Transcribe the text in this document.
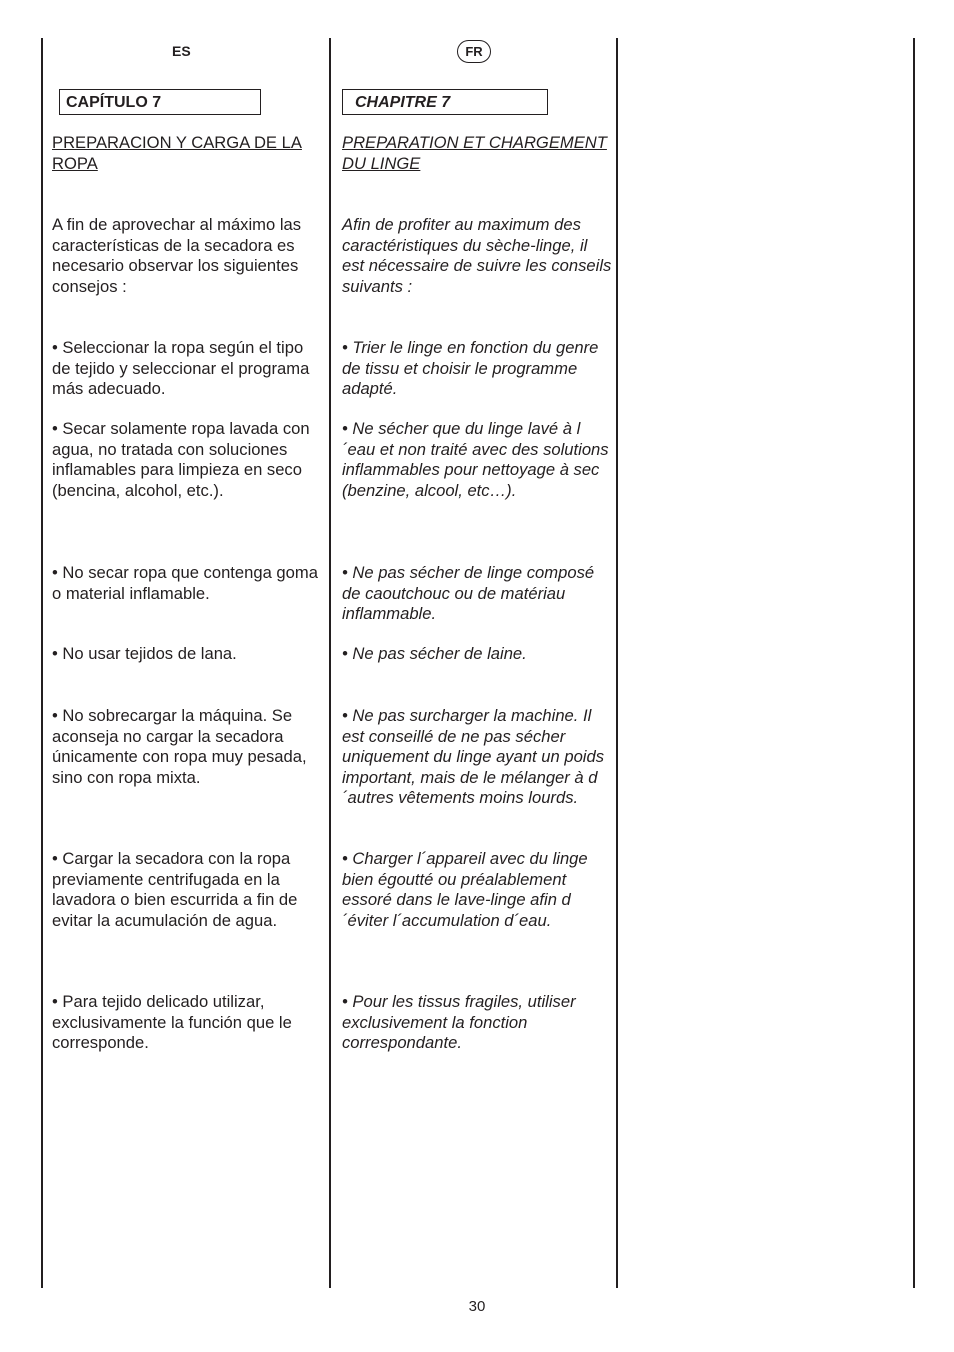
ES	FR
CAPÍTULO 7	CHAPITRE 7

PREPARACION Y CARGA DE LA ROPA

A fin de aprovechar al máximo las características de la secadora es necesario observar los siguientes consejos :

• Seleccionar la ropa según el tipo de tejido y seleccionar el programa más adecuado.

• Secar solamente ropa lavada con agua, no tratada con soluciones inflamables para limpieza en seco (bencina, alcohol, etc.).

• No secar ropa que contenga goma o material inflamable.

• No usar tejidos de lana.

• No sobrecargar la máquina. Se aconseja no cargar la secadora únicamente con ropa muy pesada, sino con ropa mixta.

• Cargar la secadora con la ropa previamente centrifugada en la lavadora o bien escurrida a fin de evitar la acumulación de agua.

• Para tejido delicado utilizar, exclusivamente la función que le corresponde.

PREPARATION ET CHARGEMENT DU LINGE

Afin de profiter au maximum des caractéristiques du sèche-linge, il est nécessaire de suivre les conseils suivants :

• Trier le linge en fonction du genre de tissu et choisir le programme adapté.

• Ne sécher que du linge lavé à l´eau et non traité avec des solutions inflammables pour nettoyage à sec (benzine, alcool, etc…).

• Ne pas sécher de linge composé de caoutchouc ou de matériau inflammable.

• Ne pas sécher de laine.

• Ne pas surcharger la machine. Il est conseillé de ne pas sécher uniquement du linge ayant un poids important, mais de le mélanger à d´autres vêtements moins lourds.

• Charger l´appareil avec du linge bien égoutté ou préalablement essoré dans le lave-linge afin d´éviter l´accumulation d´eau.

• Pour les tissus fragiles, utiliser exclusivement la fonction correspondante.

30
